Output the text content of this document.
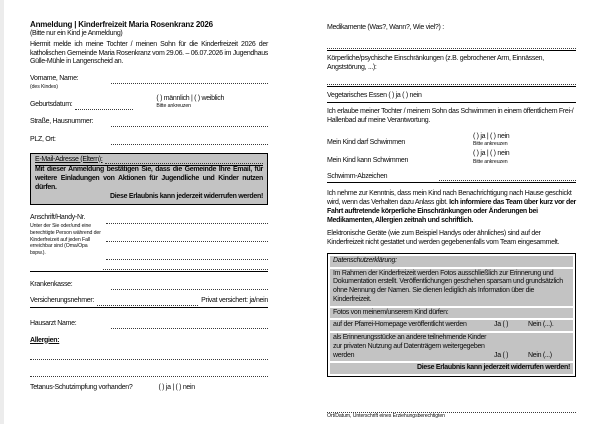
Anmeldung | Kinderfreizeit Maria Rosenkranz 2026
(Bitte nur ein Kind je Anmeldung)
Hiermit melde ich meine Tochter / meinen Sohn für die Kinderfreizeit 2026 der katholischen Gemeinde Maria Rosenkranz vom 29.06. – 06.07.2026 im Jugendhaus Gülle-Mühle in Langenscheid an.
Vorname, Name:
(des Kindes)
Geburtsdatum:
( ) männlich | ( ) weiblich
Bitte ankreuzen
Straße, Hausnummer:
PLZ, Ort:
E-Mail-Adresse (Eltern):
Mit dieser Anmeldung bestätigen Sie, dass die Gemeinde Ihre Email, für weitere Einladungen von Aktionen für Jugendliche und Kinder nutzen dürfen.
Diese Erlaubnis kann jederzeit widerrufen werden!
Anschrift/Handy-Nr.
Unter der Sie oder/und eine berechtigte Person während der Kinderfreizeit auf jeden Fall erreichbar sind (Oma/Opa bspw.).
Krankenkasse:
Versicherungsnehmer:	Privat versichert: ja/nein
Hausarzt Name:
Allergien:
Tetanus-Schutzimpfung vorhanden?	( ) ja | ( ) nein
Medikamente (Was?, Wann?, Wie viel?) :
Körperliche/psychische Einschränkungen (z.B. gebrochener Arm, Einnässen, Angststörung, ...):
Vegetarisches Essen ( ) ja ( ) nein
Ich erlaube meiner Tochter / meinem Sohn das Schwimmen in einem öffentlichem Frei-/ Hallenbad auf meine Verantwortung.
Mein Kind darf Schwimmen
( ) ja | ( ) nein
Bitte ankreuzen
Mein Kind kann Schwimmen
( ) ja | ( ) nein
Bitte ankreuzen
Schwimm-Abzeichen
Ich nehme zur Kenntnis, dass mein Kind nach Benachrichtigung nach Hause geschickt wird, wenn das Verhalten dazu Anlass gibt. Ich informiere das Team über kurz vor der Fahrt auftretende körperliche Einschränkungen oder Änderungen bei Medikamenten, Allergien zeitnah und schriftlich.
Elektronische Geräte (wie zum Beispiel Handys oder ähnliches) sind auf der Kinderfreizeit nicht gestattet und werden gegebenenfalls vom Team eingesammelt.
Datenschutzerklärung:
Im Rahmen der Kinderfreizeit werden Fotos ausschließlich zur Erinnerung und Dokumentation erstellt. Veröffentlichungen geschehen sparsam und grundsätzlich ohne Nennung der Namen. Sie dienen lediglich als Information über die Kinderfreizeit.
Fotos von meinem/unserem Kind dürfen:
auf der Pfarrei-Homepage veröffentlicht werden	Ja ( )	Nein (...).
als Erinnerungsstücke an andere teilnehmende Kinder
zur privaten Nutzung auf Datenträgern weitergegeben
werden	Ja ( )	Nein (...)
Diese Erlaubnis kann jederzeit widerrufen werden!
Ort/Datum, Unterschrift eines Erziehungsberechtigten
